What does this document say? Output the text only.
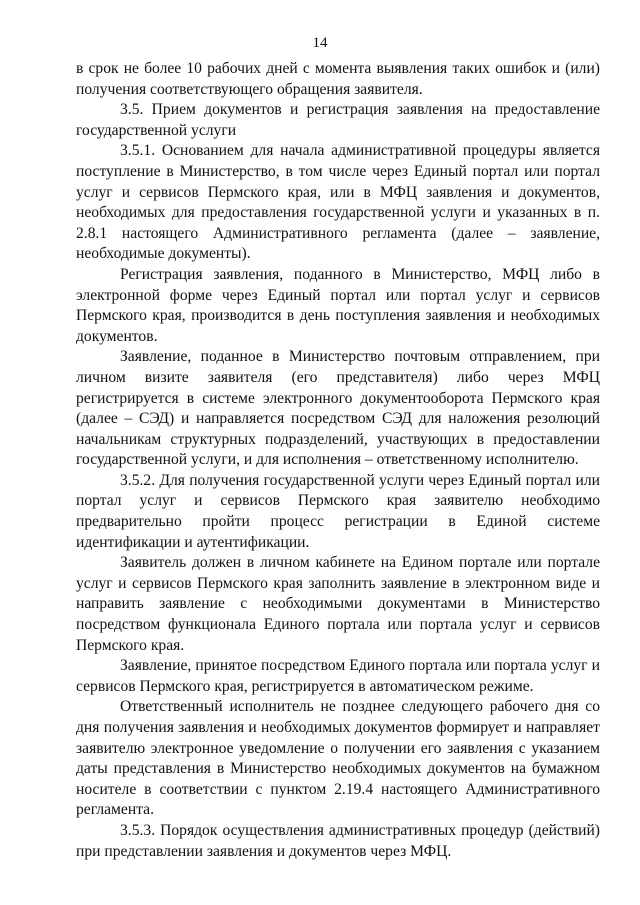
14

в срок не более 10 рабочих дней с момента выявления таких ошибок и (или) получения соответствующего обращения заявителя.

3.5. Прием документов и регистрация заявления на предоставление государственной услуги

3.5.1. Основанием для начала административной процедуры является поступление в Министерство, в том числе через Единый портал или портал услуг и сервисов Пермского края, или в МФЦ заявления и документов, необходимых для предоставления государственной услуги и указанных в п. 2.8.1 настоящего Административного регламента (далее – заявление, необходимые документы).

Регистрация заявления, поданного в Министерство, МФЦ либо в электронной форме через Единый портал или портал услуг и сервисов Пермского края, производится в день поступления заявления и необходимых документов.

Заявление, поданное в Министерство почтовым отправлением, при личном визите заявителя (его представителя) либо через МФЦ регистрируется в системе электронного документооборота Пермского края (далее – СЭД) и направляется посредством СЭД для наложения резолюций начальникам структурных подразделений, участвующих в предоставлении государственной услуги, и для исполнения – ответственному исполнителю.

3.5.2. Для получения государственной услуги через Единый портал или портал услуг и сервисов Пермского края заявителю необходимо предварительно пройти процесс регистрации в Единой системе идентификации и аутентификации.

Заявитель должен в личном кабинете на Едином портале или портале услуг и сервисов Пермского края заполнить заявление в электронном виде и направить заявление с необходимыми документами в Министерство посредством функционала Единого портала или портала услуг и сервисов Пермского края.

Заявление, принятое посредством Единого портала или портала услуг и сервисов Пермского края, регистрируется в автоматическом режиме.

Ответственный исполнитель не позднее следующего рабочего дня со дня получения заявления и необходимых документов формирует и направляет заявителю электронное уведомление о получении его заявления с указанием даты представления в Министерство необходимых документов на бумажном носителе в соответствии с пунктом 2.19.4 настоящего Административного регламента.

3.5.3. Порядок осуществления административных процедур (действий) при представлении заявления и документов через МФЦ.
